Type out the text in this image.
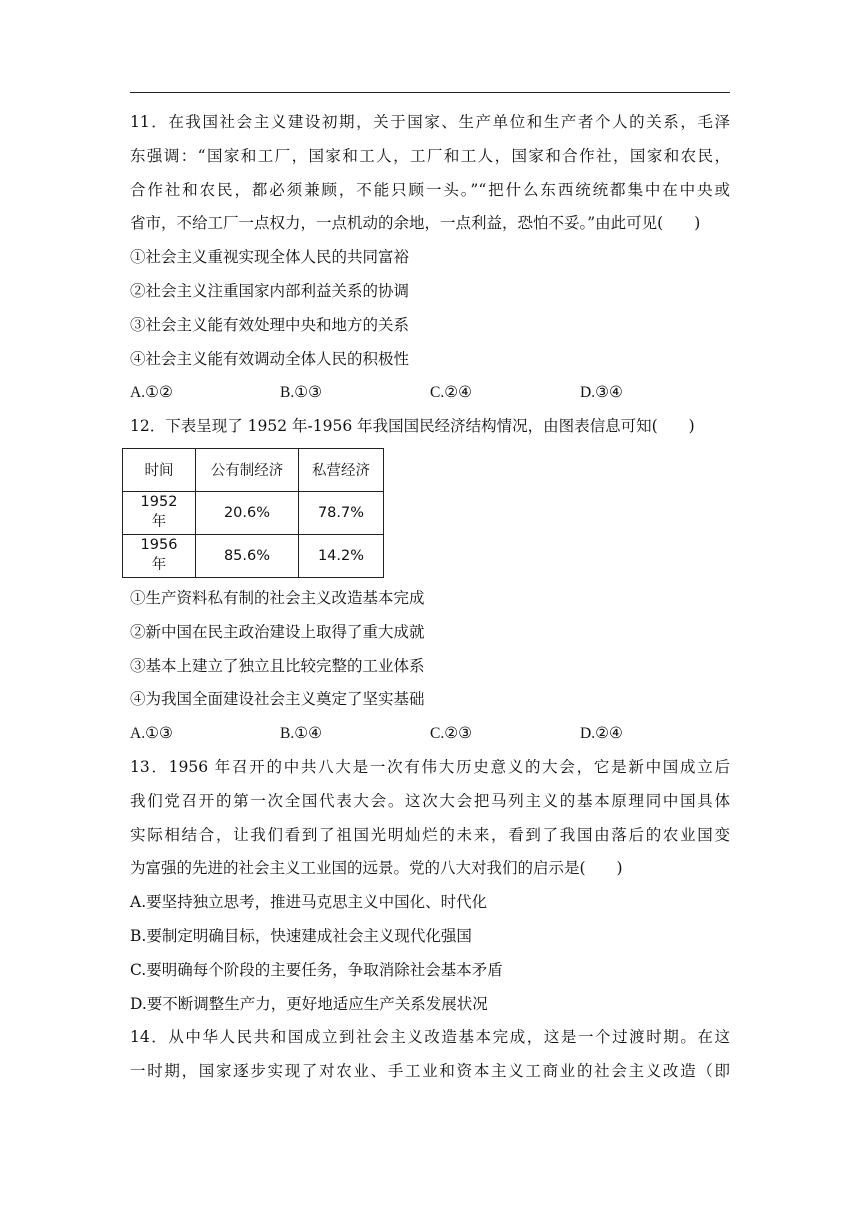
11．在我国社会主义建设初期，关于国家、生产单位和生产者个人的关系，毛泽
东强调：“国家和工厂，国家和工人，工厂和工人，国家和合作社，国家和农民，
合作社和农民，都必须兼顾，不能只顾一头。”“把什么东西统统都集中在中央或
省市，不给工厂一点权力，一点机动的余地，一点利益，恐怕不妥。”由此可见(　　)
①社会主义重视实现全体人民的共同富裕
②社会主义注重国家内部利益关系的协调
③社会主义能有效处理中央和地方的关系
④社会主义能有效调动全体人民的积极性
A.①②	B.①③	C.②④	D.③④
12．下表呈现了 1952 年-1956 年我国国民经济结构情况，由图表信息可知(　　)
时间	公有制经济	私营经济
1952 年	20.6%	78.7%
1956 年	85.6%	14.2%
①生产资料私有制的社会主义改造基本完成
②新中国在民主政治建设上取得了重大成就
③基本上建立了独立且比较完整的工业体系
④为我国全面建设社会主义奠定了坚实基础
A.①③	B.①④	C.②③	D.②④
13．1956 年召开的中共八大是一次有伟大历史意义的大会，它是新中国成立后
我们党召开的第一次全国代表大会。这次大会把马列主义的基本原理同中国具体
实际相结合，让我们看到了祖国光明灿烂的未来，看到了我国由落后的农业国变
为富强的先进的社会主义工业国的远景。党的八大对我们的启示是(　　)
A.要坚持独立思考，推进马克思主义中国化、时代化
B.要制定明确目标，快速建成社会主义现代化强国
C.要明确每个阶段的主要任务，争取消除社会基本矛盾
D.要不断调整生产力，更好地适应生产关系发展状况
14．从中华人民共和国成立到社会主义改造基本完成，这是一个过渡时期。在这
一时期，国家逐步实现了对农业、手工业和资本主义工商业的社会主义改造（即
